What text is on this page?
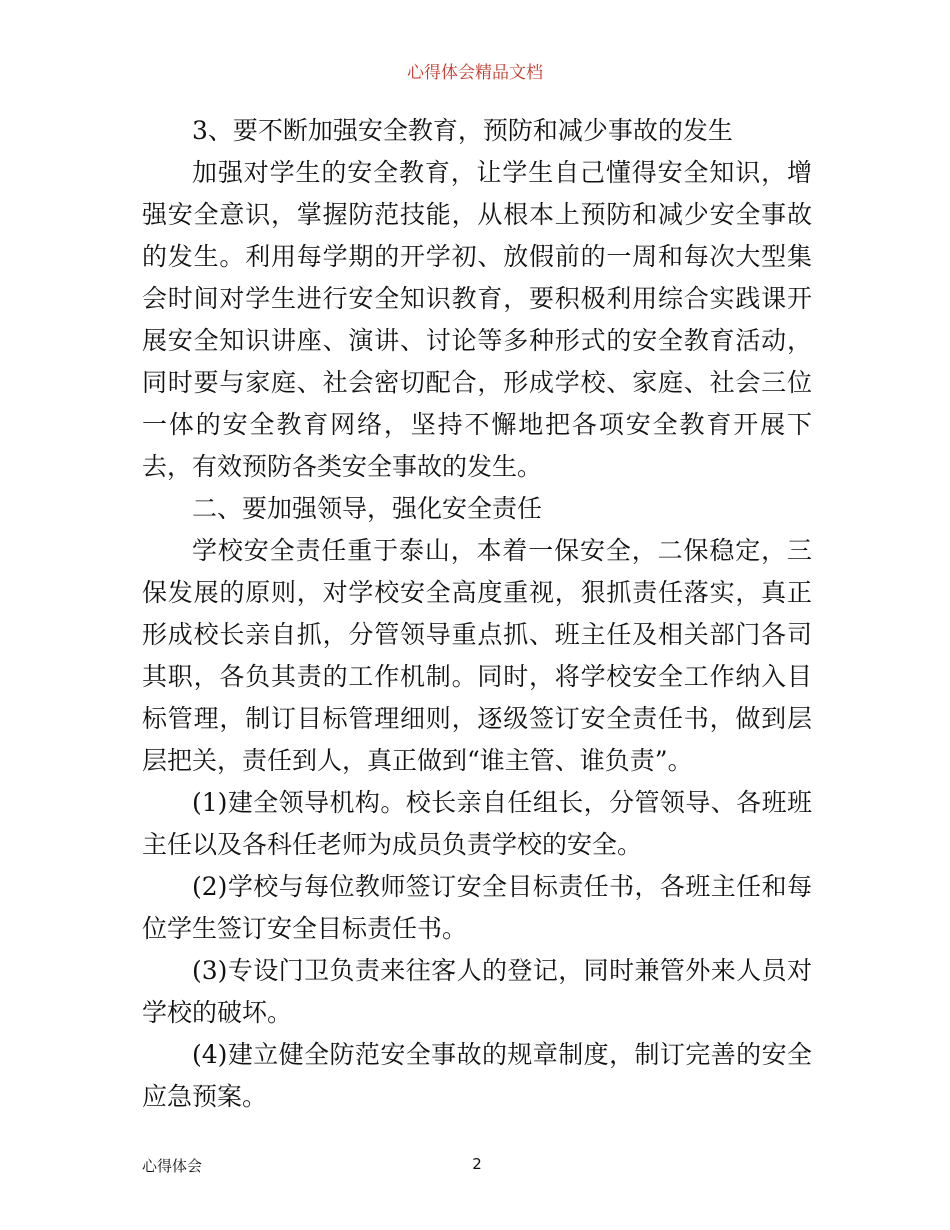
心得体会精品文档

3、要不断加强安全教育，预防和减少事故的发生

加强对学生的安全教育，让学生自己懂得安全知识，增强安全意识，掌握防范技能，从根本上预防和减少安全事故的发生。利用每学期的开学初、放假前的一周和每次大型集会时间对学生进行安全知识教育，要积极利用综合实践课开展安全知识讲座、演讲、讨论等多种形式的安全教育活动，同时要与家庭、社会密切配合，形成学校、家庭、社会三位一体的安全教育网络，坚持不懈地把各项安全教育开展下去，有效预防各类安全事故的发生。

二、要加强领导，强化安全责任

学校安全责任重于泰山，本着一保安全，二保稳定，三保发展的原则，对学校安全高度重视，狠抓责任落实，真正形成校长亲自抓，分管领导重点抓、班主任及相关部门各司其职，各负其责的工作机制。同时，将学校安全工作纳入目标管理，制订目标管理细则，逐级签订安全责任书，做到层层把关，责任到人，真正做到“谁主管、谁负责”。

(1)建全领导机构。校长亲自任组长，分管领导、各班班主任以及各科任老师为成员负责学校的安全。

(2)学校与每位教师签订安全目标责任书，各班主任和每位学生签订安全目标责任书。

(3)专设门卫负责来往客人的登记，同时兼管外来人员对学校的破坏。

(4)建立健全防范安全事故的规章制度，制订完善的安全应急预案。

心得体会	2
